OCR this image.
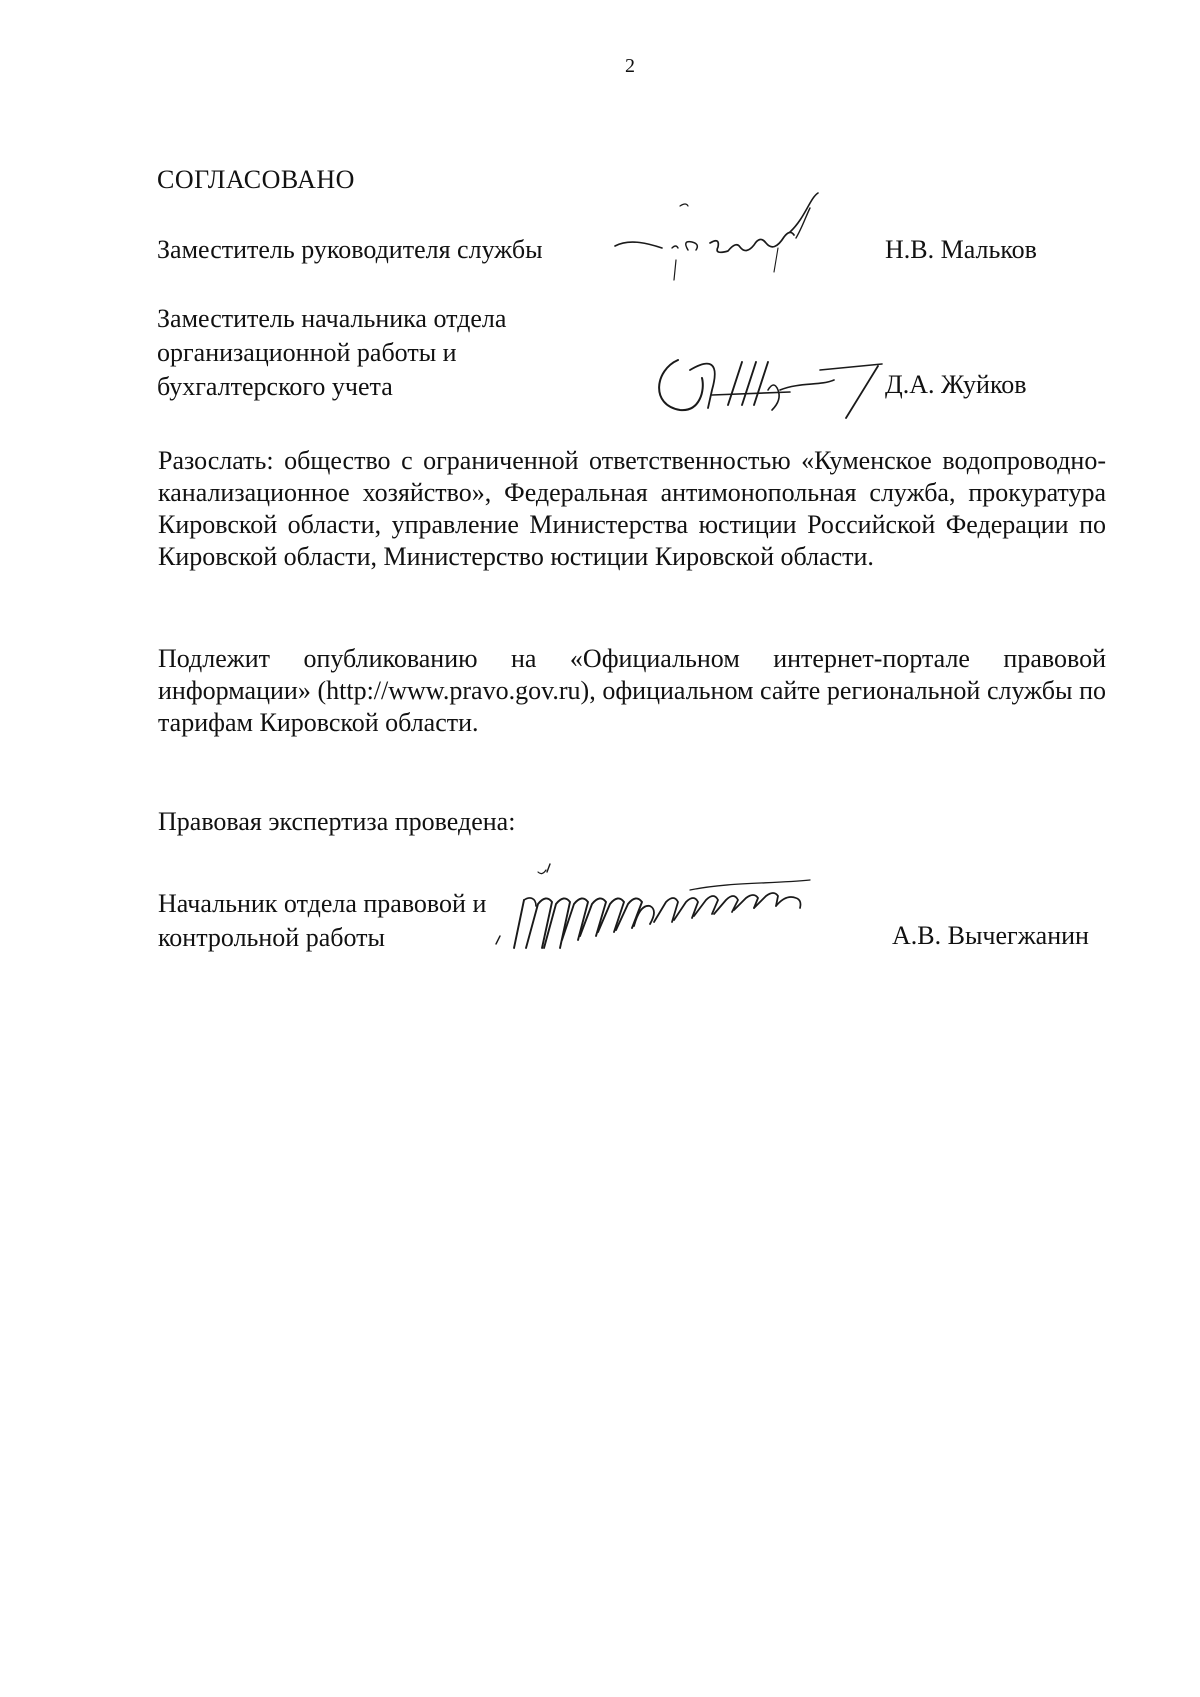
2
СОГЛАСОВАНО
Заместитель руководителя службы	Н.В. Мальков
Заместитель начальника отдела организационной работы и бухгалтерского учета	Д.А. Жуйков
Разослать: общество с ограниченной ответственностью «Куменское водопроводно-канализационное хозяйство», Федеральная антимонопольная служба, прокуратура Кировской области, управление Министерства юстиции Российской Федерации по Кировской области, Министерство юстиции Кировской области.
Подлежит опубликованию на «Официальном интернет-портале правовой информации» (http://www.pravo.gov.ru), официальном сайте региональной службы по тарифам Кировской области.
Правовая экспертиза проведена:
Начальник отдела правовой и контрольной работы	А.В. Вычегжанин
